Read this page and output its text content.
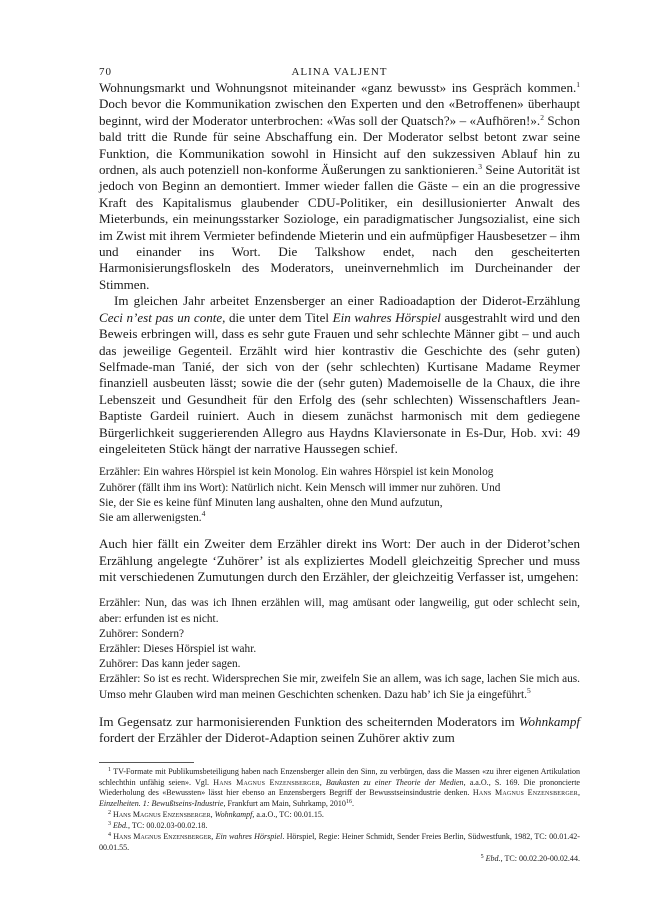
70	ALINA VALJENT

Wohnungsmarkt und Wohnungsnot miteinander «ganz bewusst» ins Gespräch kommen.$^1$ Doch bevor die Kommunikation zwischen den Experten und den «Betroffenen» überhaupt beginnt, wird der Moderator unterbrochen: «Was soll der Quatsch?» – «Aufhören!».$^2$ Schon bald tritt die Runde für seine Abschaffung ein. Der Moderator selbst betont zwar seine Funktion, die Kommunikation sowohl in Hinsicht auf den sukzessiven Ablauf hin zu ordnen, als auch potenziell non-konforme Äußerungen zu sanktionieren.$^3$ Seine Autorität ist jedoch von Beginn an demontiert. Immer wieder fallen die Gäste – ein an die progressive Kraft des Kapitalismus glaubender CDU-Politiker, ein desillusionierter Anwalt des Mieterbunds, ein meinungsstarker Soziologe, ein paradigmatischer Jungsozialist, eine sich im Zwist mit ihrem Vermieter befindende Mieterin und ein aufmüpfiger Hausbesetzer – ihm und einander ins Wort. Die Talkshow endet, nach den gescheiterten Harmonisierungsfloskeln des Moderators, uneinvernehmlich im Durcheinander der Stimmen.

Im gleichen Jahr arbeitet Enzensberger an einer Radioadaption der Diderot-Erzählung Ceci n’est pas un conte, die unter dem Titel Ein wahres Hörspiel ausgestrahlt wird und den Beweis erbringen will, dass es sehr gute Frauen und sehr schlechte Männer gibt – und auch das jeweilige Gegenteil. Erzählt wird hier kontrastiv die Geschichte des (sehr guten) Selfmade-man Tanié, der sich von der (sehr schlechten) Kurtisane Madame Reymer finanziell ausbeuten lässt; sowie die der (sehr guten) Mademoiselle de la Chaux, die ihre Lebenszeit und Gesundheit für den Erfolg des (sehr schlechten) Wissenschaftlers Jean-Baptiste Gardeil ruiniert. Auch in diesem zunächst harmonisch mit dem gediegene Bürgerlichkeit suggerierenden Allegro aus Haydns Klaviersonate in Es-Dur, Hob. xvi: 49 eingeleiteten Stück hängt der narrative Haussegen schief.

Erzähler: Ein wahres Hörspiel ist kein Monolog. Ein wahres Hörspiel ist kein Monolog
Zuhörer (fällt ihm ins Wort): Natürlich nicht. Kein Mensch will immer nur zuhören. Und
Sie, der Sie es keine fünf Minuten lang aushalten, ohne den Mund aufzutun,
Sie am allerwenigsten.$^4$

Auch hier fällt ein Zweiter dem Erzähler direkt ins Wort: Der auch in der Diderot’schen Erzählung angelegte ‘Zuhörer’ ist als expliziertes Modell gleichzeitig Sprecher und muss mit verschiedenen Zumutungen durch den Erzähler, der gleichzeitig Verfasser ist, umgehen:

Erzähler: Nun, das was ich Ihnen erzählen will, mag amüsant oder langweilig, gut oder schlecht sein, aber: erfunden ist es nicht.
Zuhörer: Sondern?
Erzähler: Dieses Hörspiel ist wahr.
Zuhörer: Das kann jeder sagen.
Erzähler: So ist es recht. Widersprechen Sie mir, zweifeln Sie an allem, was ich sage, lachen Sie mich aus. Umso mehr Glauben wird man meinen Geschichten schenken. Dazu hab’ ich Sie ja eingeführt.$^5$

Im Gegensatz zur harmonisierenden Funktion des scheiternden Moderators im Wohnkampf fordert der Erzähler der Diderot-Adaption seinen Zuhörer aktiv zum

$^1$ TV-Formate mit Publikumsbeteiligung haben nach Enzensberger allein den Sinn, zu verbürgen, dass die Massen «zu ihrer eigenen Artikulation schlechthin unfähig seien». Vgl. Hans Magnus Enzensberger, Baukasten zu einer Theorie der Medien, a.a.O., S. 169. Die prononcierte Wiederholung des «Bewussten» lässt hier ebenso an Enzensbergers Begriff der Bewusstseinsindustrie denken. Hans Magnus Enzensberger, Einzelheiten. 1: Bewußtseins-Industrie, Frankfurt am Main, Suhrkamp, 2010$^{16}$.
$^2$ Hans Magnus Enzensberger, Wohnkampf, a.a.O., TC: 00.01.15.
$^3$ Ebd., TC: 00.02.03-00.02.18.
$^4$ Hans Magnus Enzensberger, Ein wahres Hörspiel. Hörspiel, Regie: Heiner Schmidt, Sender Freies Berlin, Südwestfunk, 1982, TC: 00.01.42-00.01.55.
$^5$ Ebd., TC: 00.02.20-00.02.44.
